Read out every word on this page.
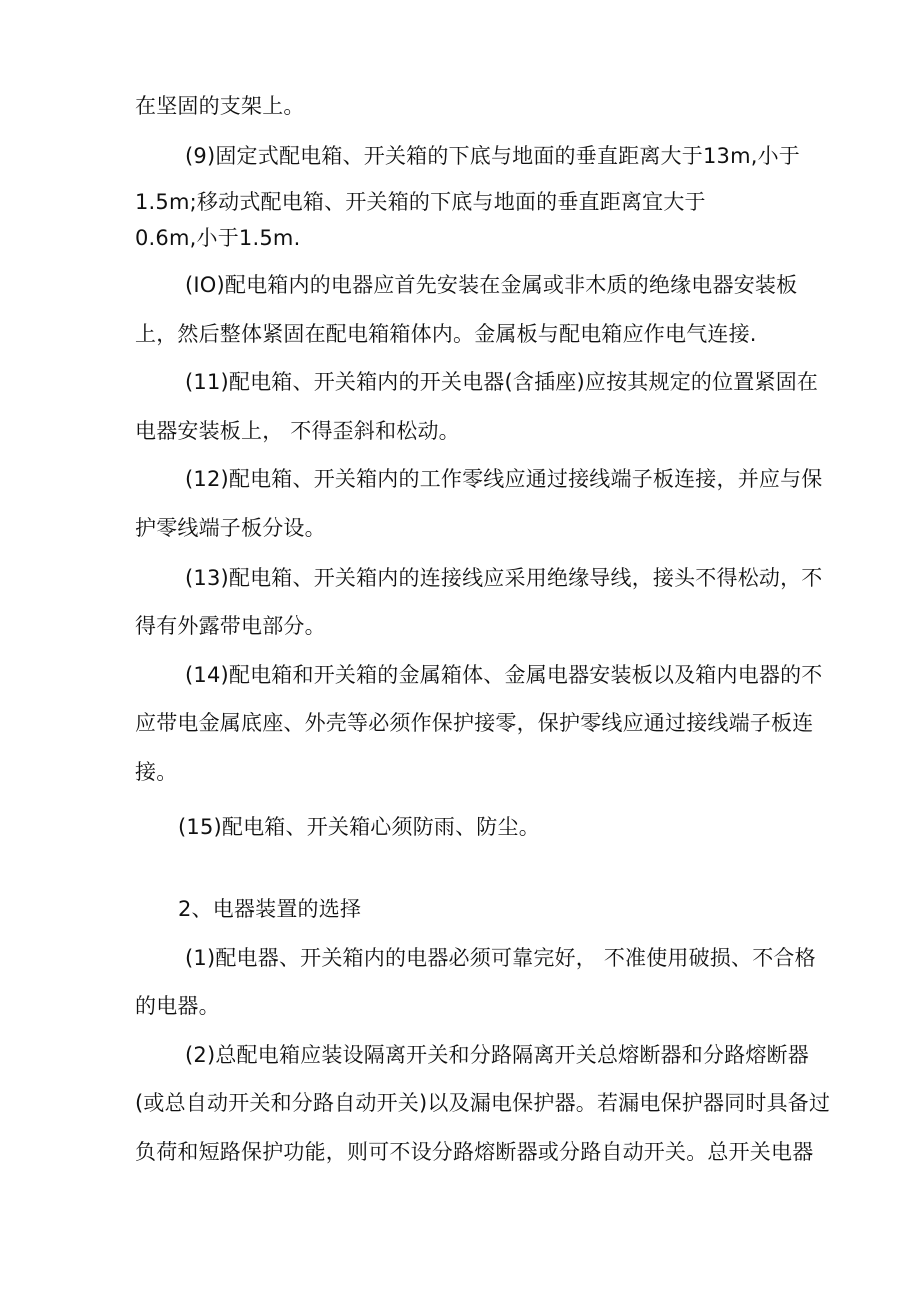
在坚固的支架上。
(9)固定式配电箱、开关箱的下底与地面的垂直距离大于13m,小于
1.5m;移动式配电箱、开关箱的下底与地面的垂直距离宜大于
0.6m,小于1.5m.
(IO)配电箱内的电器应首先安装在金属或非木质的绝缘电器安装板
上，然后整体紧固在配电箱箱体内。金属板与配电箱应作电气连接.
(11)配电箱、开关箱内的开关电器(含插座)应按其规定的位置紧固在
电器安装板上， 不得歪斜和松动。
(12)配电箱、开关箱内的工作零线应通过接线端子板连接，并应与保
护零线端子板分设。
(13)配电箱、开关箱内的连接线应采用绝缘导线，接头不得松动，不
得有外露带电部分。
(14)配电箱和开关箱的金属箱体、金属电器安装板以及箱内电器的不
应带电金属底座、外壳等必须作保护接零，保护零线应通过接线端子板连
接。
(15)配电箱、开关箱心须防雨、防尘。
2、电器装置的选择
(1)配电器、开关箱内的电器必须可靠完好， 不准使用破损、不合格
的电器。
(2)总配电箱应装设隔离开关和分路隔离开关总熔断器和分路熔断器
(或总自动开关和分路自动开关)以及漏电保护器。若漏电保护器同时具备过
负荷和短路保护功能，则可不设分路熔断器或分路自动开关。总开关电器
